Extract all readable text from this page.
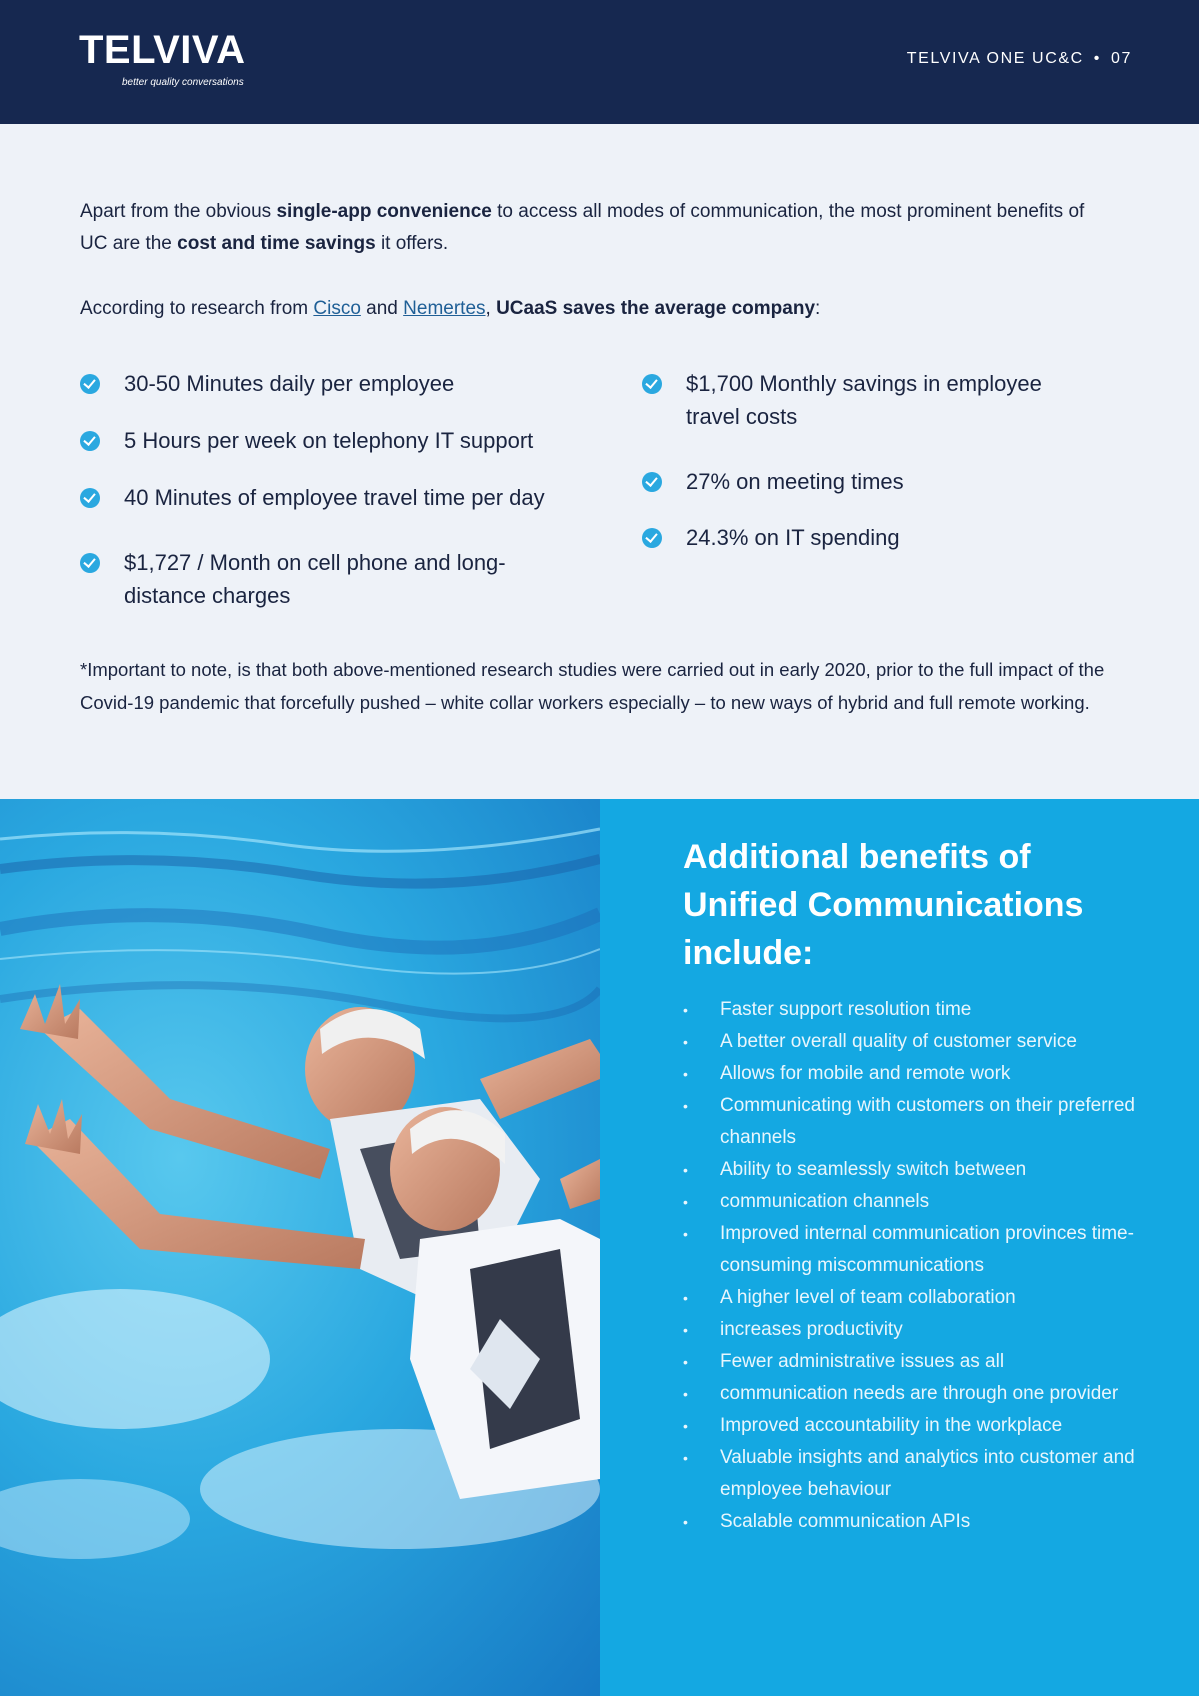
TELVIVA
better quality conversations
TELVIVA ONE UC&C • 07

Apart from the obvious single-app convenience to access all modes of communication, the most prominent benefits of UC are the cost and time savings it offers.

According to research from Cisco and Nemertes, UCaaS saves the average company:

30-50 Minutes daily per employee
5 Hours per week on telephony IT support
40 Minutes of employee travel time per day
$1,727 / Month on cell phone and long-distance charges
$1,700 Monthly savings in employee travel costs
27% on meeting times
24.3% on IT spending

*Important to note, is that both above-mentioned research studies were carried out in early 2020, prior to the full impact of the Covid-19 pandemic that forcefully pushed – white collar workers especially – to new ways of hybrid and full remote working.

Additional benefits of Unified Communications include:
• Faster support resolution time
• A better overall quality of customer service
• Allows for mobile and remote work
• Communicating with customers on their preferred channels
• Ability to seamlessly switch between
• communication channels
• Improved internal communication provinces time-consuming miscommunications
• A higher level of team collaboration
• increases productivity
• Fewer administrative issues as all
• communication needs are through one provider
• Improved accountability in the workplace
• Valuable insights and analytics into customer and employee behaviour
• Scalable communication APIs
